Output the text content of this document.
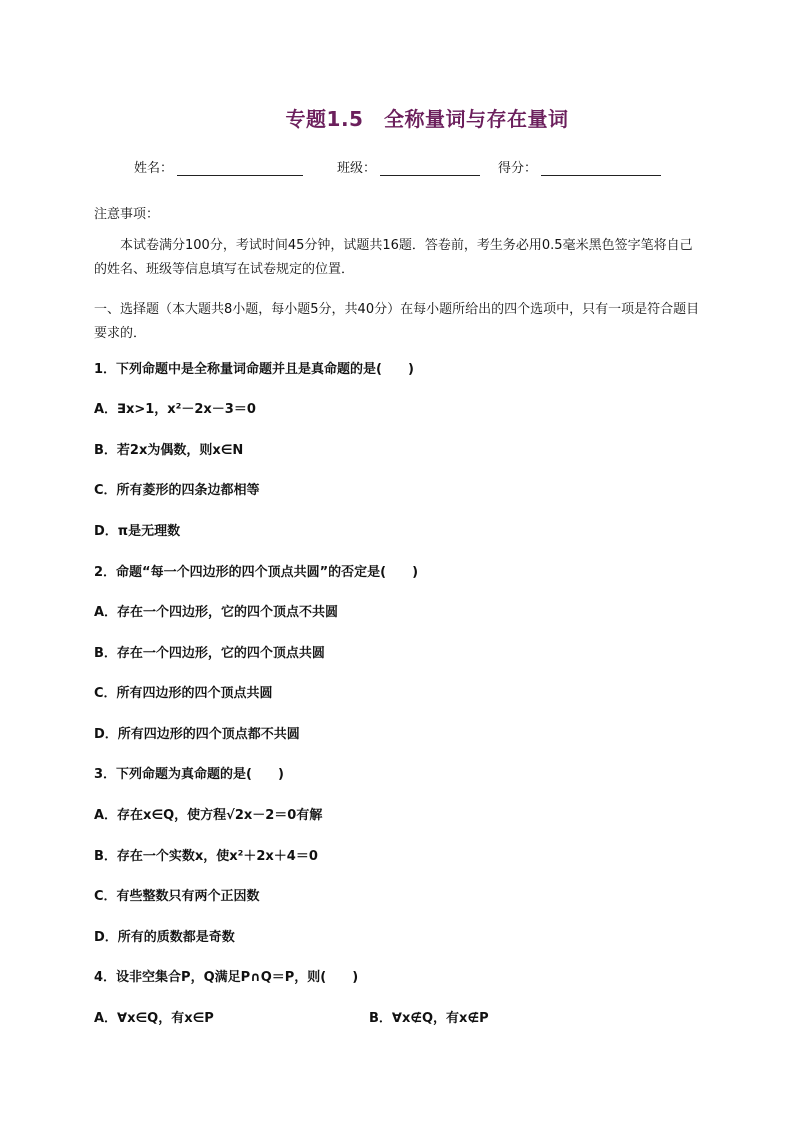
专题1.5　全称量词与存在量词
姓名：	班级：	得分：
注意事项：
本试卷满分100分，考试时间45分钟，试题共16题．答卷前，考生务必用0.5毫米黑色签字笔将自己的姓名、班级等信息填写在试卷规定的位置．
一、选择题（本大题共8小题，每小题5分，共40分）在每小题所给出的四个选项中，只有一项是符合题目要求的．
1．下列命题中是全称量词命题并且是真命题的是(　　)
A．∃x>1，x²－2x－3＝0
B．若2x为偶数，则x∈N
C．所有菱形的四条边都相等
D．π是无理数
2．命题“每一个四边形的四个顶点共圆”的否定是(　　)
A．存在一个四边形，它的四个顶点不共圆
B．存在一个四边形，它的四个顶点共圆
C．所有四边形的四个顶点共圆
D．所有四边形的四个顶点都不共圆
3．下列命题为真命题的是(　　)
A．存在x∈Q，使方程√2x－2＝0有解
B．存在一个实数x，使x²＋2x＋4＝0
C．有些整数只有两个正因数
D．所有的质数都是奇数
4．设非空集合P，Q满足P∩Q＝P，则(　　)
A．∀x∈Q，有x∈P	B．∀x∉Q，有x∉P
